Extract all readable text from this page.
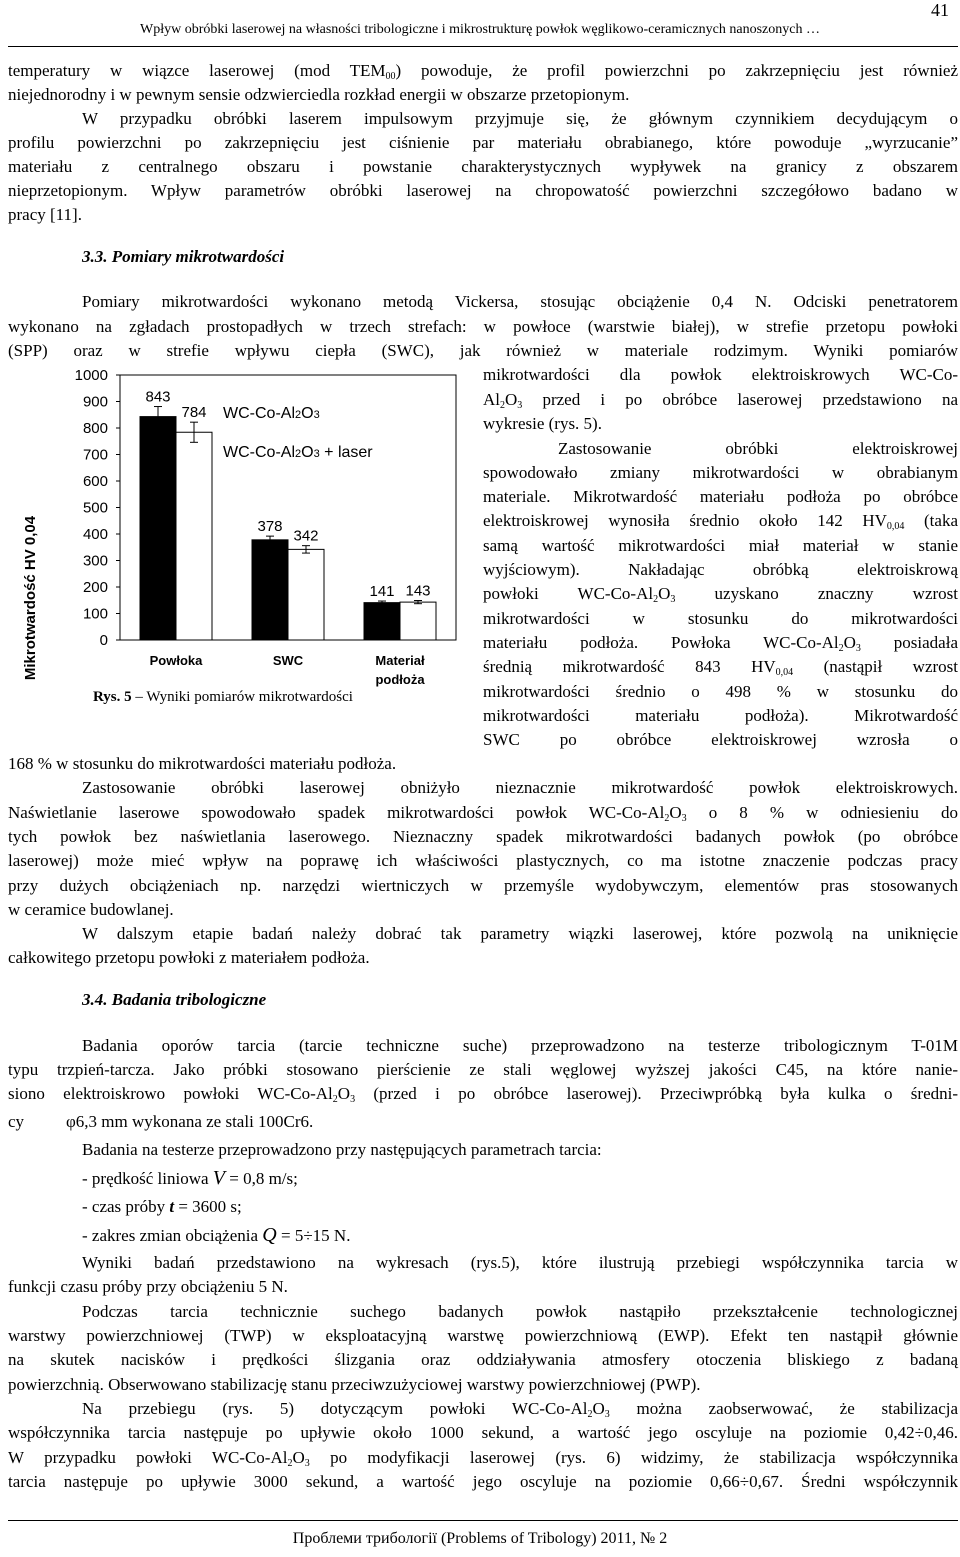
41
Wpływ obróbki laserowej na własności tribologiczne i mikrostrukturę powłok węglikowo-ceramicznych nanoszonych …
temperatury w wiązce laserowej (mod $TEM_{00}$) powoduje, że profil powierzchni po zakrzepnięciu jest również
niejednorodny i w pewnym sensie odzwierciedla rozkład energii w obszarze przetopionym.
W przypadku obróbki laserem impulsowym przyjmuje się, że głównym czynnikiem decydującym o
profilu powierzchni po zakrzepnięciu jest ciśnienie par materiału obrabianego, które powoduje „wyrzucanie”
materiału z centralnego obszaru i powstanie charakterystycznych wypływek na granicy z obszarem
nieprzetopionym. Wpływ parametrów obróbki laserowej na chropowatość powierzchni szczegółowo badano w
pracy [11].
3.3. Pomiary mikrotwardości
Pomiary mikrotwardości wykonano metodą Vickersa, stosując obciążenie 0,4 N. Odciski penetratorem
wykonano na zgładach prostopadłych w trzech strefach: w powłoce (warstwie białej), w strefie przetopu powłoki
(SPP) oraz w strefie wpływu ciepła (SWC), jak również w materiale rodzimym. Wyniki pomiarów
mikrotwardości dla powłok elektroiskrowych WC-Co-
$Al_2O_3$ przed i po obróbce laserowej przedstawiono na
wykresie (rys. 5).
Zastosowanie obróbki elektroiskrowej
spowodowało zmiany mikrotwardości w obrabianym
materiale. Mikrotwardość materiału podłoża po obróbce
elektroiskrowej wynosiła średnio około 142 $HV_{0,04}$ (taka
samą wartość mikrotwardości miał materiał w stanie
wyjściowym). Nakładając obróbką elektroiskrową
powłoki $WC-Co-Al_2O_3$ uzyskano znaczny wzrost
mikrotwardości w stosunku do mikrotwardości
materiału podłoża. Powłoka $WC-Co-Al_2O_3$ posiadała
średnią mikrotwardość 843 $HV_{0,04}$ (nastąpił wzrost
mikrotwardości średnio o 498 % w stosunku do
mikrotwardości materiału podłoża). Mikrotwardość
SWC po obróbce elektroiskrowej wzrosła o
Mikrotwardość HV 0,04	0
100
200
300
400
500
600
700
800
900
1000
Powłoka	SWC	Materiał
podłoża
843
378
141
784
342
143
WC-Co-Al2O3
WC-Co-Al2O3 + laser
Rys. 5 – Wyniki pomiarów mikrotwardości
168 % w stosunku do mikrotwardości materiału podłoża.
Zastosowanie obróbki laserowej obniżyło nieznacznie mikrotwardość powłok elektroiskrowych.
Naświetlanie laserowe spowodowało spadek mikrotwardości powłok $WC-Co-Al_2O_3$ o 8 % w odniesieniu do
tych powłok bez naświetlania laserowego. Nieznaczny spadek mikrotwardości badanych powłok (po obróbce
laserowej) może mieć wpływ na poprawę ich właściwości plastycznych, co ma istotne znaczenie podczas pracy
przy dużych obciążeniach np. narzędzi wiertniczych w przemyśle wydobywczym, elementów pras stosowanych
w ceramice budowlanej.
W dalszym etapie badań należy dobrać tak parametry wiązki laserowej, które pozwolą na uniknięcie
całkowitego przetopu powłoki z materiałem podłoża.
3.4. Badania tribologiczne
Badania oporów tarcia (tarcie techniczne suche) przeprowadzono na testerze tribologicznym T-01M
typu trzpień-tarcza. Jako próbki stosowano pierścienie ze stali węglowej wyższej jakości C45, na które nanie-
siono elektroiskrowo powłoki $WC-Co-Al_2O_3$ (przed i po obróbce laserowej). Przeciwpróbką była kulka o średni-
cy φ6,3 mm wykonana ze stali 100Cr6.
Badania na testerze przeprowadzono przy następujących parametrach tarcia:
- prędkość liniowa V = 0,8 m/s;
- czas próby t = 3600 s;
- zakres zmian obciążenia Q = 5÷15 N.
Wyniki badań przedstawiono na wykresach (rys.5), które ilustrują przebiegi współczynnika tarcia w
funkcji czasu próby przy obciążeniu 5 N.
Podczas tarcia technicznie suchego badanych powłok nastąpiło przekształcenie technologicznej
warstwy powierzchniowej (TWP) w eksploatacyjną warstwę powierzchniową (EWP). Efekt ten nastąpił głównie
na skutek nacisków i prędkości ślizgania oraz oddziaływania atmosfery otoczenia bliskiego z badaną
powierzchnią. Obserwowano stabilizację stanu przeciwzużyciowej warstwy powierzchniowej (PWP).
Na przebiegu (rys. 5) dotyczącym powłoki $WC-Co-Al_2O_3$ można zaobserwować, że stabilizacja
współczynnika tarcia następuje po upływie około 1000 sekund, a wartość jego oscyluje na poziomie 0,42÷0,46.
W przypadku powłoki $WC-Co-Al_2O_3$ po modyfikacji laserowej (rys. 6) widzimy, że stabilizacja współczynnika
tarcia następuje po upływie 3000 sekund, a wartość jego oscyluje na poziomie 0,66÷0,67. Średni współczynnik
Проблеми трибології (Problems of Tribology) 2011, № 2
